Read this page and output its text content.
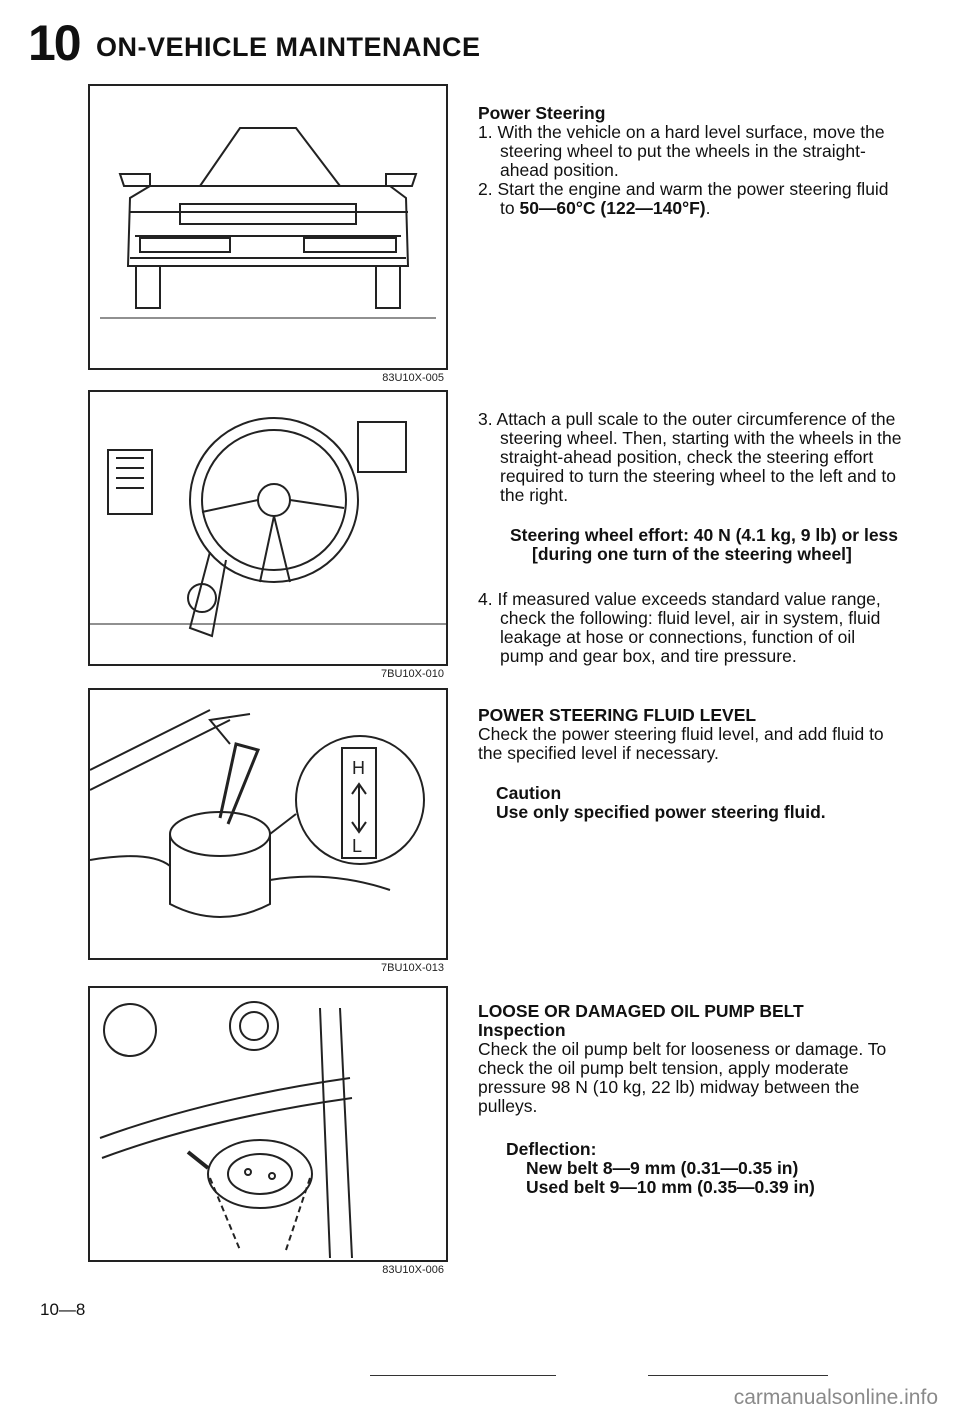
10 ON-VEHICLE MAINTENANCE
83U10X-005
7BU10X-010
H
L
7BU10X-013
83U10X-006

Power Steering

1. With the vehicle on a hard level surface, move the steering wheel to put the wheels in the straight-ahead position.

2. Start the engine and warm the power steering fluid to 50—60°C (122—140°F).

3. Attach a pull scale to the outer circumference of the steering wheel. Then, starting with the wheels in the straight-ahead position, check the steering effort required to turn the steering wheel to the left and to the right.

Steering wheel effort: 40 N (4.1 kg, 9 lb) or less

[during one turn of the steering wheel]

4. If measured value exceeds standard value range, check the following: fluid level, air in system, fluid leakage at hose or connections, function of oil pump and gear box, and tire pressure.

POWER STEERING FLUID LEVEL

Check the power steering fluid level, and add fluid to the specified level if necessary.

Caution

Use only specified power steering fluid.

LOOSE OR DAMAGED OIL PUMP BELT

Inspection

Check the oil pump belt for looseness or damage. To check the oil pump belt tension, apply moderate pressure 98 N (10 kg, 22 lb) midway between the pulleys.

Deflection:

New belt 8—9 mm (0.31—0.35 in)

Used belt 9—10 mm (0.35—0.39 in)

10—8
carmanualsonline.info
